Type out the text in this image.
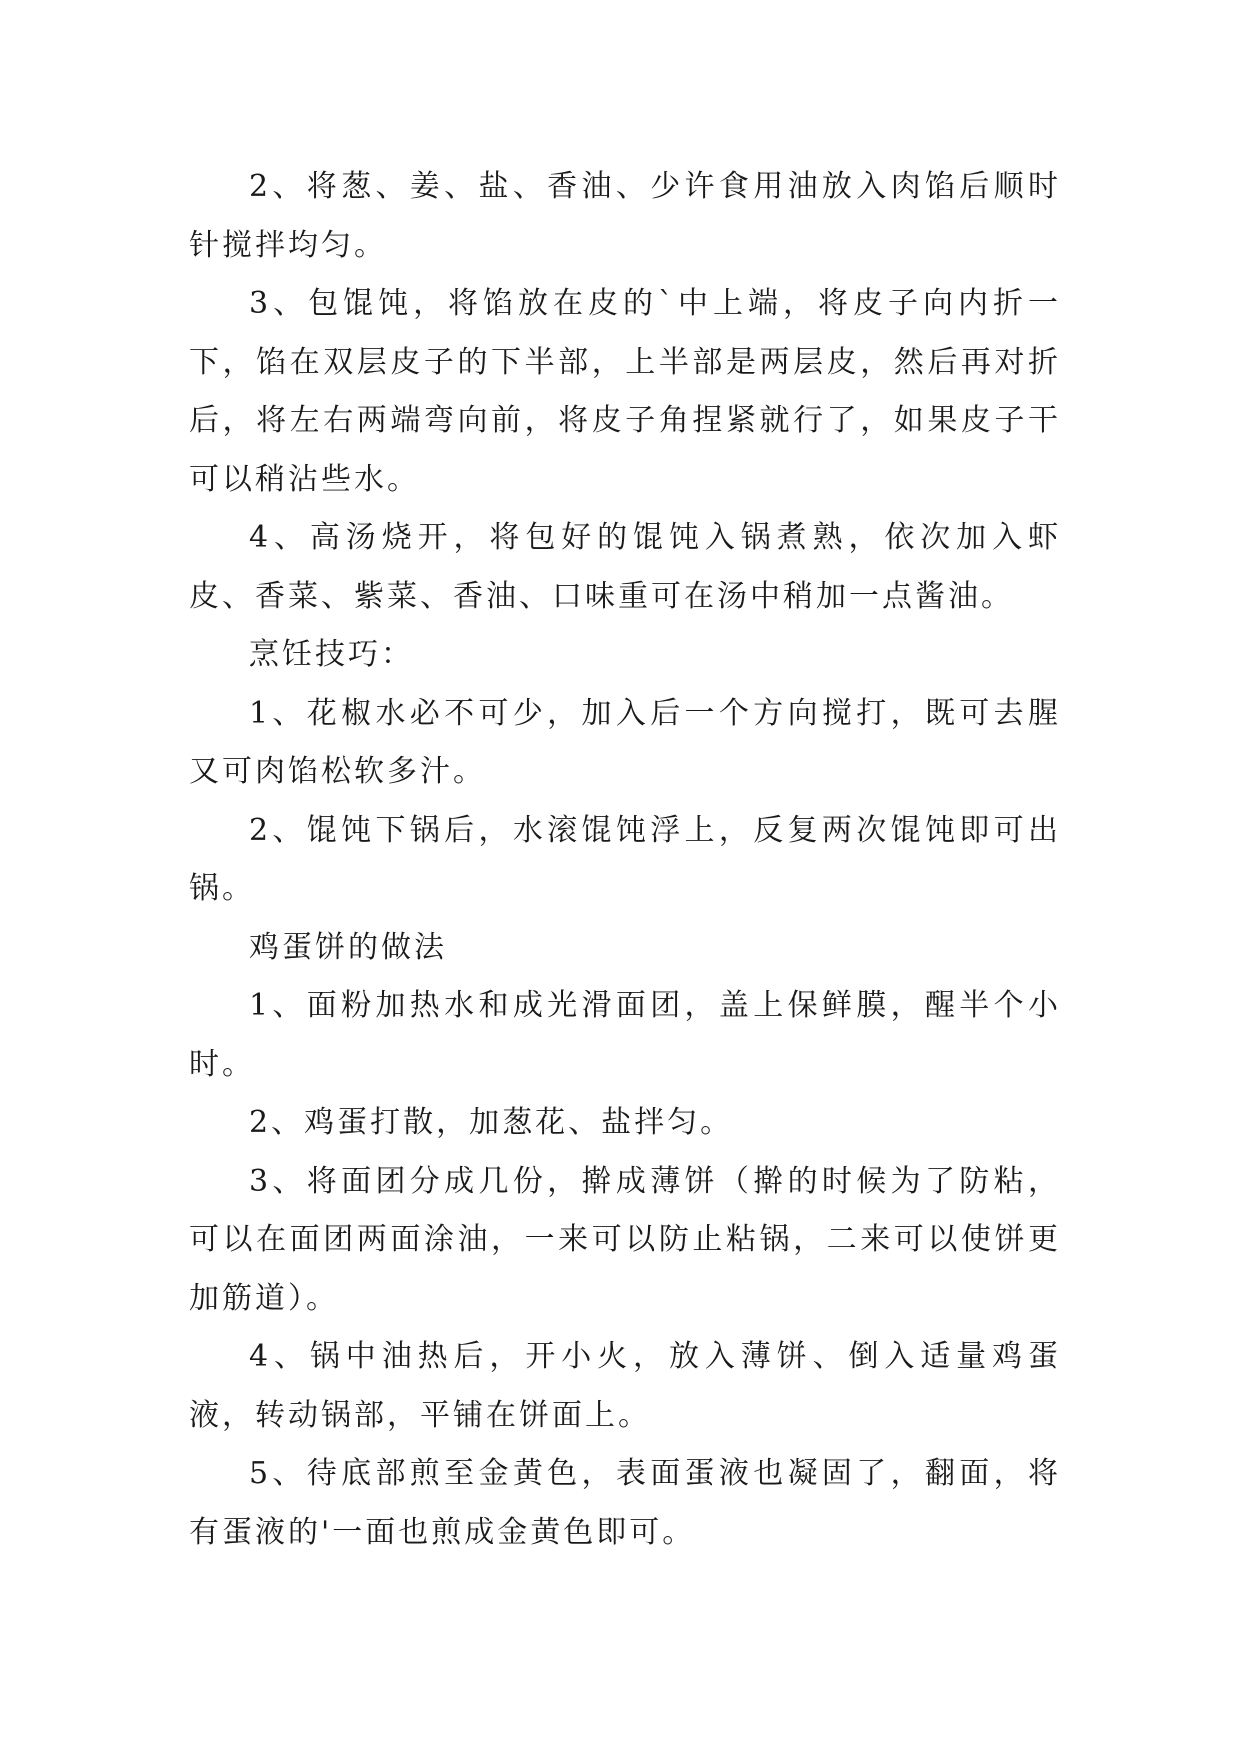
2、将葱、姜、盐、香油、少许食用油放入肉馅后顺时针搅拌均匀。

3、包馄饨，将馅放在皮的`中上端，将皮子向内折一下，馅在双层皮子的下半部，上半部是两层皮，然后再对折后，将左右两端弯向前，将皮子角捏紧就行了，如果皮子干可以稍沾些水。

4、高汤烧开，将包好的馄饨入锅煮熟，依次加入虾皮、香菜、紫菜、香油、口味重可在汤中稍加一点酱油。

烹饪技巧：

1、花椒水必不可少，加入后一个方向搅打，既可去腥又可肉馅松软多汁。

2、馄饨下锅后，水滚馄饨浮上，反复两次馄饨即可出锅。

鸡蛋饼的做法

1、面粉加热水和成光滑面团，盖上保鲜膜，醒半个小时。

2、鸡蛋打散，加葱花、盐拌匀。

3、将面团分成几份，擀成薄饼（擀的时候为了防粘，可以在面团两面涂油，一来可以防止粘锅，二来可以使饼更加筋道）。

4、锅中油热后，开小火，放入薄饼、倒入适量鸡蛋液，转动锅部，平铺在饼面上。

5、待底部煎至金黄色，表面蛋液也凝固了，翻面，将有蛋液的'一面也煎成金黄色即可。
